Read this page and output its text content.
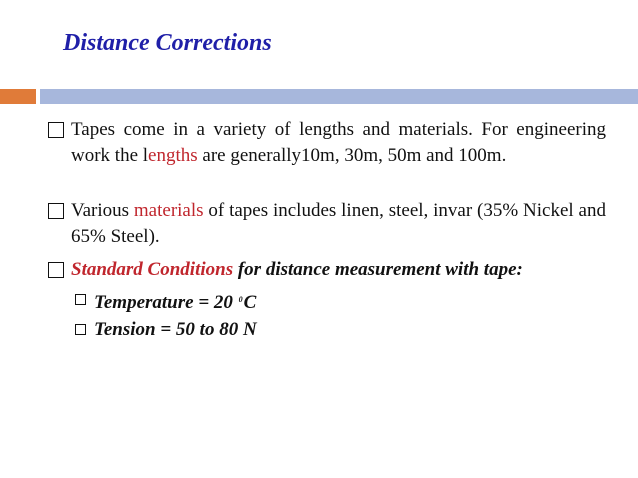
Distance Corrections
Tapes come in a variety of lengths and materials. For engineering work the lengths are generally10m, 30m, 50m and 100m.
Various materials of tapes includes linen, steel, invar (35% Nickel and 65% Steel).
Standard Conditions for distance measurement with tape:
Temperature = 20 $^0$C
Tension = 50 to 80 N
